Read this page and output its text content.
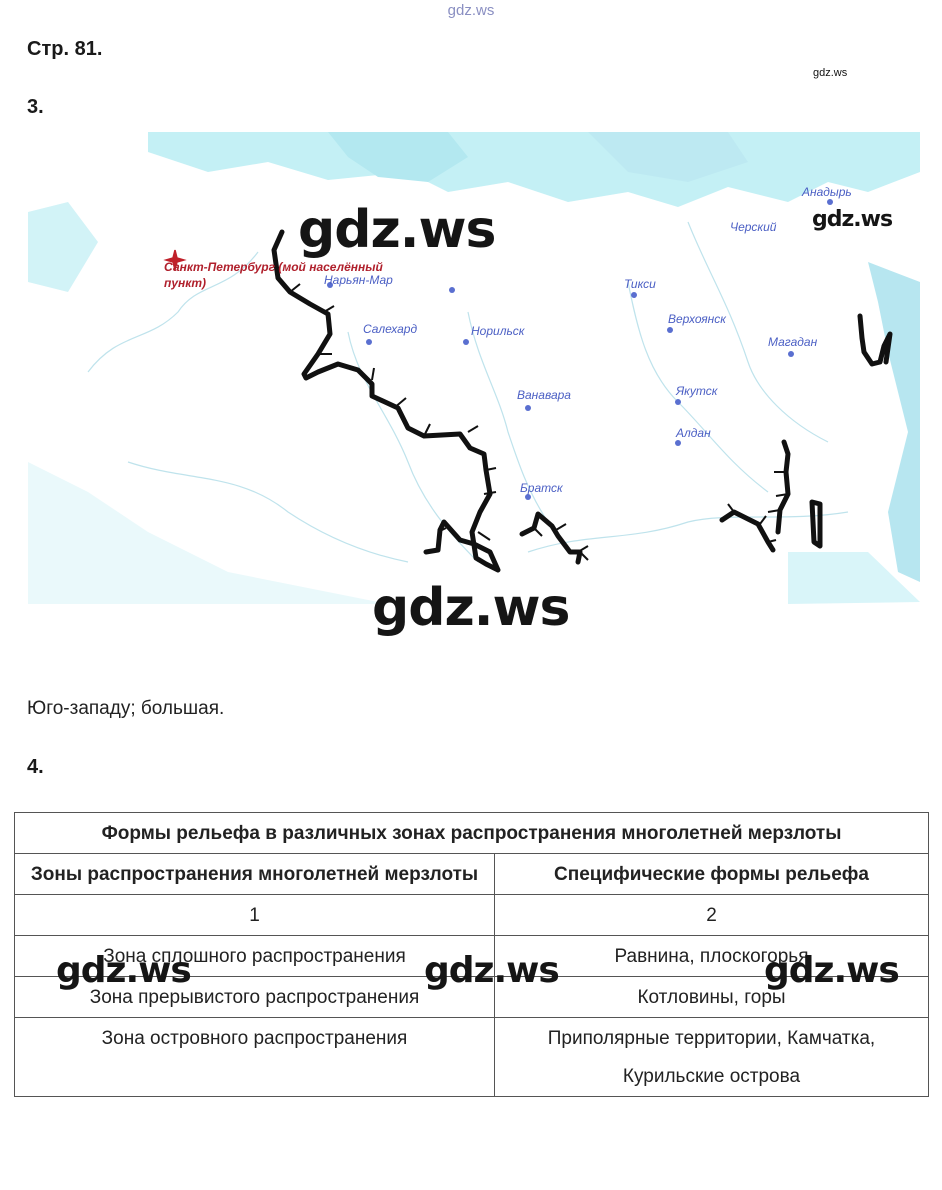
gdz.ws
Стр. 81.
gdz.ws
3.
Санкт-Петербург (мой населённый
пункт)
Анадырь
Черский
Нарьян-Мар
Салехард	Норильск
Тикси
Верхоянск
Магадан
Ванавара	Якутск
Алдан
Братск
gdz.ws	gdz.ws
gdz.ws
Юго-западу; большая.
4.
Формы рельефа в различных зонах распространения многолетней мерзлоты	
Зоны распространения многолетней мерзлоты	Специфические формы рельефа
1	2
Зона сплошного распространения	Равнина, плоскогорья
Зона прерывистого распространения	Котловины, горы
Зона островного распространения	Приполярные территории, Камчатка, Курильские острова
gdz.ws	gdz.ws	gdz.ws
